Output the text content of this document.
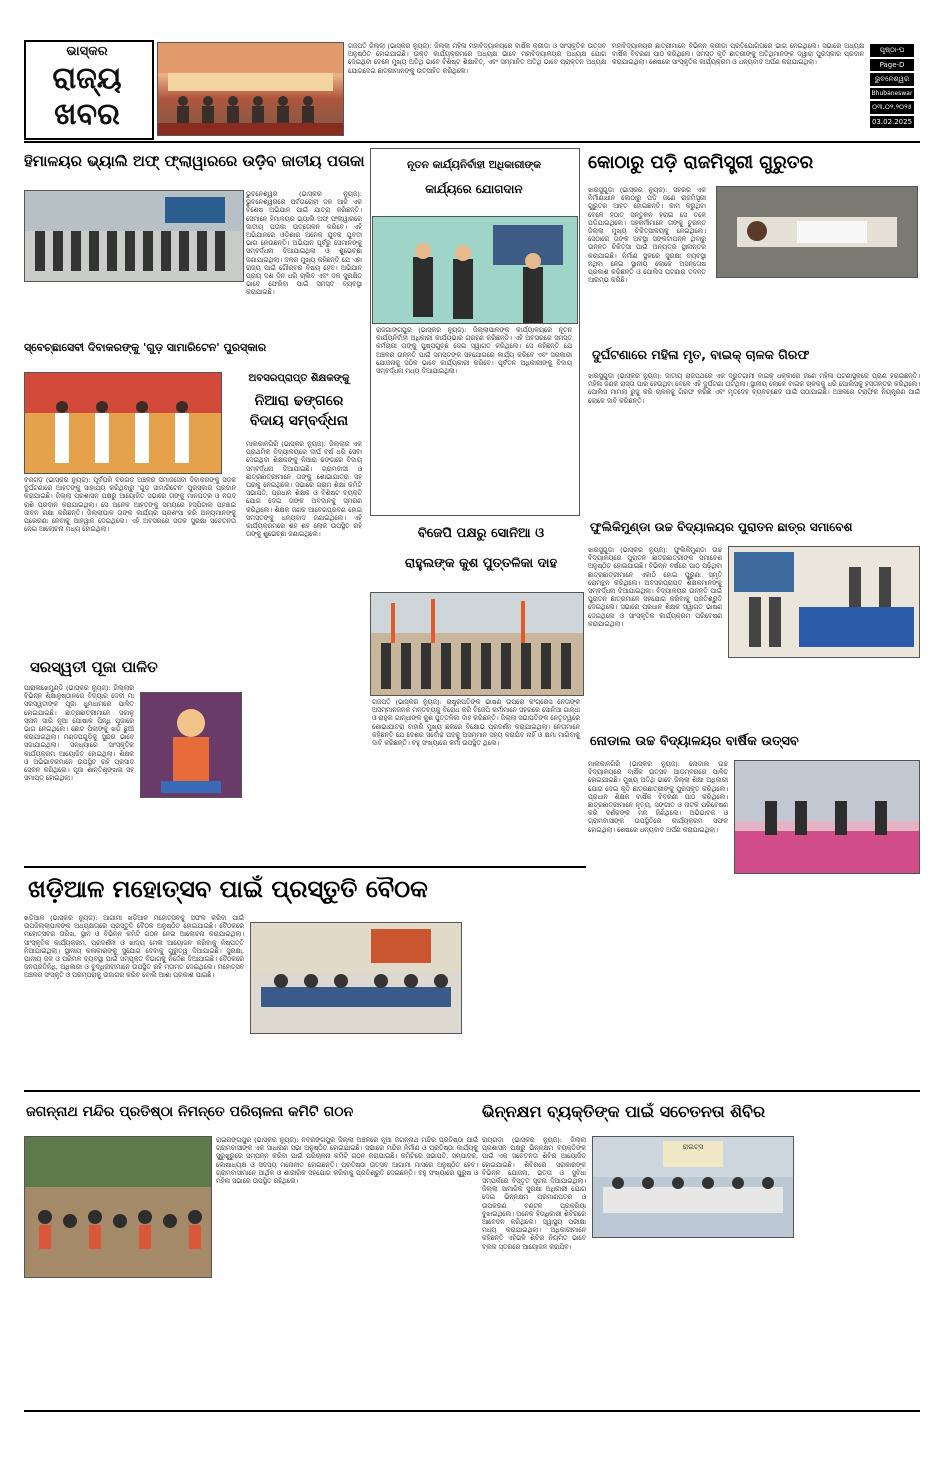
ଭାସ୍କର
ରାଜ୍ୟ
ଖବର
ଗଜପତି ଜିଲ୍ଲା (ଭାସ୍କର ନ୍ୟୁଜ): ଜିଲ୍ଲା ମହିଳା ମହାବିଦ୍ୟାଳୟରେ ବାର୍ଷିକ କ୍ରୀଡା ଓ ସାଂସ୍କୃତିକ ଉତ୍ସବ ଅନୁଷ୍ଠିତ ହୋଇଯାଇଛି। ଉକ୍ତ କାର୍ଯ୍ୟକ୍ରମରେ ଅଧ୍ୟକ୍ଷ ଭାବେ ମହାବିଦ୍ୟାଳୟର ଅଧ୍ୟକ୍ଷ ଯୋଗ ଦେଇଥିବା ବେଳେ ମୁଖ୍ୟ ଅତିଥି ଭାବେ ବିଶିଷ୍ଟ ଶିକ୍ଷାବିତ୍, ଏବଂ ସମ୍ମାନିତ ଅତିଥି ଭାବେ ପ୍ରାକ୍ତନ ଅଧ୍ୟକ୍ଷ ଯୋଗଦେଇ ଛାତ୍ରୀମାନଙ୍କୁ ଉତ୍ସାହିତ କରିଥିଲେ।
ମହାବିଦ୍ୟାଳୟର ଛାତ୍ରୀମାନେ ବିଭିନ୍ନ କ୍ରୀଡା ପ୍ରତିଯୋଗିତାରେ ଭାଗ ନେଇଥିଲେ। ସଭାରେ ଅଧ୍ୟକ୍ଷ ବାର୍ଷିକ ବିବରଣୀ ପାଠ କରିଥିଲେ। ସମସ୍ତ କୃତି ଛାତ୍ରୀଙ୍କୁ ଅତିଥିମାନଙ୍କ ଦ୍ୱାରା ପୁରସ୍କାର ପ୍ରଦାନ କରାଯାଇଥିଲା। ଶେଷରେ ସାଂସ୍କୃତିକ କାର୍ଯ୍ୟକ୍ରମ ଓ ଧନ୍ୟବାଦ ଅର୍ପଣ କରାଯାଇଥିଲା।
ପୃଷ୍ଠା-ଘ
Page-D
ଭୁବନେଶ୍ୱର
Bhubaneswar
୦୩.୦୨.୨୦୨୫
03.02.2025
ହିମାଳୟର ଭ୍ୟାଲି ଅଫ୍ ଫ୍ଲାୱାରରେ ଉଡ଼ିବ ଜାତୀୟ ପତାକା
ଭୁବନେଶ୍ୱର (ଭାସ୍କର ନ୍ୟୁଜ): ଭୁବନେଶ୍ୱରରେ ପର୍ବତାରୋହୀ ଦଳ ଆଜି ଏକ ବିଶେଷ ଅଭିଯାନ ପାଇଁ ଯାତ୍ରା କରିଛନ୍ତି। ସେମାନେ ହିମାଳୟର ଭ୍ୟାଲି ଅଫ୍ ଫ୍ଲାୱାରରେ ଜାତୀୟ ପତାକା ଉତ୍ତୋଳନ କରିବେ। ଏହି ଅଭିଯାନରେ ଓଡ଼ିଶାର ଅନେକ ଯୁବକ ଯୁବତୀ ଭାଗ ନେଉଛନ୍ତି। ଅଭିଯାନ ପୂର୍ବରୁ ସେମାନଙ୍କୁ ସମ୍ବର୍ଦ୍ଧନା ଦିଆଯାଇଥିଲା ଓ ଶୁଭେଚ୍ଛା ଜଣାଯାଇଥିଲା। ଦଳର ମୁଖ୍ୟ କହିଛନ୍ତି ଯେ ଏହା ରାଜ୍ୟ ପାଇଁ ଗୌରବର ବିଷୟ ହେବ। ଅଭିଯାନ ପ୍ରାୟ ଦଶ ଦିନ ଧରି ଚାଲିବ ଏବଂ ଦଳ ସୁରକ୍ଷିତ ଭାବେ ଫେରିବା ପାଇଁ ସମସ୍ତ ବ୍ୟବସ୍ଥା କରାଯାଇଛି।
ସ୍ବେଚ୍ଛାସେବୀ ଦିବାକରଙ୍କୁ 'ଗୁଡ଼ ସାମାରିଟେନ' ପୁରସ୍କାର
ବରଗଡ଼ (ଭାସ୍କର ନ୍ୟୁଜ): ପୂର୍ବପରି ବରଗଡ଼ ଅଞ୍ଚଳର ସମାଜସେବୀ ଦିବାକରଙ୍କୁ ସଡ଼କ ଦୁର୍ଘଟଣାରେ ଆହତଙ୍କୁ ସାହାଯ୍ୟ କରିଥିବାରୁ 'ଗୁଡ଼ ସାମାରିଟେନ' ପୁରସ୍କାର ପ୍ରଦାନ କରାଯାଇଛି। ଜିଲ୍ଲା ପ୍ରଶାସନ ପକ୍ଷରୁ ଆୟୋଜିତ ସଭାରେ ତାଙ୍କୁ ମାନପତ୍ର ଓ ନଗଦ ରାଶି ପ୍ରଦାନ କରାଯାଇଥିଲା। ସେ ଅନେକ ଆହତଙ୍କୁ ସମୟରେ ହସ୍ପିଟାଲ ପହଞ୍ଚାଇ ଜୀବନ ରକ୍ଷା କରିଛନ୍ତି। ଜିଲ୍ଲାପାଳ ତାଙ୍କ କାର୍ଯ୍ୟର ପ୍ରଶଂସା କରି ଅନ୍ୟମାନଙ୍କୁ ପ୍ରେରଣା ନେବାକୁ ଆହ୍ୱାନ ଦେଇଥିଲେ। ଏହି ଅବସରରେ ସଡ଼କ ସୁରକ୍ଷା ସଚେତନତା ନେଇ ଆଲୋଚନା ମଧ୍ୟ ହୋଇଥିଲା।
ସରସ୍ୱତୀ ପୂଜା ପାଳିତ
ପାରାଳାଖେମୁଣ୍ଡି (ଭାସ୍କର ନ୍ୟୁଜ): ଜିଲ୍ଲାର ବିଭିନ୍ନ ଶିକ୍ଷାନୁଷ୍ଠାନରେ ବିଦ୍ୟାର ଦେବୀ ମା ସରସ୍ୱତୀଙ୍କ ପୂଜା ଧୁମଧାମରେ ପାଳିତ ହୋଇଯାଇଛି। ଛାତ୍ରଛାତ୍ରୀମାନେ ସକାଳୁ ସ୍ନାନ ସାରି ନୂଆ ପୋଷାକ ପିନ୍ଧି ପୂଜାରେ ଭାଗ ନେଇଥିଲେ। ଛୋଟ ପିଲାଙ୍କୁ ଖଡ଼ି ଛୁଆଁ କରାଯାଇଥିଲା। ମଣ୍ଡପଗୁଡ଼ିକୁ ସୁନ୍ଦର ଭାବେ ସଜାଯାଇଥିଲା। ସନ୍ଧ୍ୟାରେ ସାଂସ୍କୃତିକ କାର୍ଯ୍ୟକ୍ରମ ଆୟୋଜିତ ହୋଇଥିଲା। ଶିକ୍ଷକ ଓ ଅଭିଭାବକମାନେ ଉପସ୍ଥିତ ରହି ପ୍ରସାଦ ସେବନ କରିଥିଲେ। ପୂଜା ଶାନ୍ତିଶୃଙ୍ଖଳା ସହ ସମାପ୍ତ ହୋଇଥିଲା।
ଅବସରପ୍ରାପ୍ତ ଶିକ୍ଷକଙ୍କୁ
ନିଆରା ଢଙ୍ଗରେ
ବିଦାୟ ସମ୍ବର୍ଦ୍ଧନା
ମାଲକାନଗିରି (ଭାସ୍କର ନ୍ୟୁଜ): ଜିଲ୍ଲାର ଏକ ପ୍ରାଥମିକ ବିଦ୍ୟାଳୟରେ ଦୀର୍ଘ ବର୍ଷ ଧରି ସେବା ଦେଇଥିବା ଶିକ୍ଷକଙ୍କୁ ନିଆରା ଢଙ୍ଗରେ ବିଦାୟ ସମ୍ବର୍ଦ୍ଧନା ଦିଆଯାଇଛି। ଗ୍ରାମବାସୀ ଓ ଛାତ୍ରଛାତ୍ରୀମାନେ ତାଙ୍କୁ ଶୋଭାଯାତ୍ରା ସହ ଘରକୁ ନେଇଥିଲେ। ସଭାରେ ଗ୍ରାମ ଶିକ୍ଷା କମିଟି ସଭାପତି, ପ୍ରଧାନ ଶିକ୍ଷକ ଓ ବିଶିଷ୍ଟ ବ୍ୟକ୍ତି ଯୋଗ ଦେଇ ତାଙ୍କ ଅବଦାନକୁ ସ୍ମରଣ କରିଥିଲେ। ଶିକ୍ଷକ ଜଣକ ଆବେଗପ୍ରବଣ ହୋଇ ସମସ୍ତଙ୍କୁ ଧନ୍ୟବାଦ ଜଣାଇଥିଲେ। ଏହି କାର୍ଯ୍ୟକ୍ରମରେ ଶହ ଶହ ଲୋକ ଉପସ୍ଥିତ ରହି ତାଙ୍କୁ ଶୁଭେଚ୍ଛା ଜଣାଇଥିଲେ।
ନୂତନ କାର୍ଯ୍ୟନିର୍ବାହୀ ଅଧିକାରୀଙ୍କ
କାର୍ଯ୍ୟରେ ଯୋଗଦାନ
ରାଜଗାଙ୍ଗପୁର (ଭାସ୍କର ନ୍ୟୁଜ): ଜିଲ୍ଲାପାଳଙ୍କ କାର୍ଯ୍ୟାଳୟରେ ନୂତନ କାର୍ଯ୍ୟନିର୍ବାହୀ ଅଧିକାରୀ କାର୍ଯ୍ୟଭାର ଗ୍ରହଣ କରିଛନ୍ତି। ଏହି ଅବସରରେ ସମସ୍ତ କର୍ମଚାରୀ ତାଙ୍କୁ ପୁଷ୍ପଗୁଚ୍ଛ ଦେଇ ସ୍ୱାଗତ କରିଥିଲେ। ସେ କହିଛନ୍ତି ଯେ ଅଞ୍ଚଳର ଉନ୍ନତି ପାଇଁ ସମସ୍ତଙ୍କ ସହଯୋଗରେ କାର୍ଯ୍ୟ କରିବେ ଏବଂ ସରକାରୀ ଯୋଜନାକୁ ସଠିକ ଭାବେ କାର୍ଯ୍ୟକାରୀ କରିବେ। ପୂର୍ବତନ ଅଧିକାରୀଙ୍କୁ ବିଦାୟ ସମ୍ବର୍ଦ୍ଧନା ମଧ୍ୟ ଦିଆଯାଇଥିଲା।
କୋଠାରୁ ପଡ଼ି ରାଜମିସ୍ତ୍ରୀ ଗୁରୁତର
ଝାରସୁଗୁଡ଼ା (ଭାସ୍କର ନ୍ୟୁଜ): ସହରର ଏକ ନିର୍ମାଣାଧୀନ କୋଠାରୁ ପଡ଼ି ଜଣେ ରାଜମିସ୍ତ୍ରୀ ଗୁରୁତର ଆହତ ହୋଇଛନ୍ତି। କାମ କରୁଥିବା ବେଳେ ହଠାତ୍ ସନ୍ତୁଳନ ହରାଇ ସେ ତଳେ ପଡ଼ିଯାଇଥିଲେ। ସହକର୍ମୀମାନେ ତାଙ୍କୁ ତୁରନ୍ତ ଜିଲ୍ଲା ମୁଖ୍ୟ ଚିକିତ୍ସାଳୟକୁ ନେଇଥିଲେ। ସେଠାରେ ତାଙ୍କ ଅବସ୍ଥା ସଙ୍କଟାପନ୍ନ ଥିବାରୁ ଉନ୍ନତ ଚିକିତ୍ସା ପାଇଁ ଅନ୍ୟତ୍ର ସ୍ଥାନାନ୍ତର କରାଯାଇଛି। ନିର୍ମାଣ ସ୍ଥଳରେ ସୁରକ୍ଷା ବ୍ୟବସ୍ଥା ନଥିବା ନେଇ ସ୍ଥାନୀୟ ଲୋକେ ଅସନ୍ତୋଷ ପ୍ରକାଶ କରିଛନ୍ତି ଓ ପୋଲିସ ଘଟଣାର ତଦନ୍ତ ଆରମ୍ଭ କରିଛି।
ଦୁର୍ଘଟଣାରେ ମହିଳା ମୃତ, ବାଇକ୍ ଚାଳକ ଗିରଫ
ଝାରସୁଗୁଡ଼ା (ଭାସ୍କର ନ୍ୟୁଜ): ଜାତୀୟ ରାଜପଥରେ ଏକ ଦ୍ରୁତଗାମୀ ବାଇକ୍ ଧକ୍କାରେ ଜଣେ ମହିଳା ଘଟଣାସ୍ଥଳରେ ପ୍ରାଣ ହରାଇଛନ୍ତି। ମହିଳା ଜଣକ ରାସ୍ତା ପାର ହେଉଥିବା ବେଳେ ଏହି ଦୁର୍ଘଟଣା ଘଟିଥିଲା। ସ୍ଥାନୀୟ ଲୋକେ ବାଇକ ଚାଳକକୁ ଧରି ପୋଲିସକୁ ହସ୍ତାନ୍ତର କରିଥିଲେ। ପୋଲିସ ମାମଲା ରୁଜୁ କରି ଚାଳକକୁ ଗିରଫ କରିଛି ଏବଂ ମୃତଦେହ ବ୍ୟବଚ୍ଛେଦ ପାଇଁ ପଠାଯାଇଛି। ଅଞ୍ଚଳରେ ଟ୍ରାଫିକ ନିୟନ୍ତ୍ରଣ ପାଇଁ ଲୋକେ ଦାବି କରିଛନ୍ତି।
ବିଜେପି ପକ୍ଷରୁ ସୋନିଆ ଓ
ରାହୁଲଙ୍କ କୁଶ ପୁତ୍ତଳିକା ଦାହ
ଗଜପତି (ଭାସ୍କର ନ୍ୟୁଜ): ରାଷ୍ଟ୍ରପତିଙ୍କ ଭାଷଣ ଉପରେ କଂଗ୍ରେସ ନେତାଙ୍କ ଅସମ୍ମାନଜନକ ମନ୍ତବ୍ୟକୁ ବିରୋଧ କରି ବିଜେପି କର୍ମୀମାନେ ସହରରେ ସୋନିଆ ଗାନ୍ଧୀ ଓ ରାହୁଲ ଗାନ୍ଧୀଙ୍କ କୁଶ ପୁତ୍ତଳିକା ଦାହ କରିଛନ୍ତି। ଜିଲ୍ଲା ସଭାପତିଙ୍କ ନେତୃତ୍ୱରେ ଶୋଭାଯାତ୍ରା ବାହାରି ମୁଖ୍ୟ ଛକରେ ବିକ୍ଷୋଭ ପ୍ରଦର୍ଶନ କରାଯାଇଥିଲା। ନେତାମାନେ କହିଛନ୍ତି ଯେ ଦେଶର ସର୍ବୋଚ୍ଚ ପଦକୁ ଅସମ୍ମାନ ସହ୍ୟ କରାଯିବ ନାହିଁ ଓ କ୍ଷମା ମାଗିବାକୁ ଦାବି କରିଛନ୍ତି। ବହୁ ସଂଖ୍ୟାରେ କର୍ମୀ ଉପସ୍ଥିତ ଥିଲେ।
ଫୁଲିକିମୁଣ୍ଡା ଉଚ୍ଚ ବିଦ୍ୟାଳୟର ପୁରାତନ ଛାତ୍ର ସମାବେଶ
ଝାରସୁଗୁଡ଼ା (ଭାସ୍କର ନ୍ୟୁଜ): ଫୁଲିକିମୁଣ୍ଡା ଉଚ୍ଚ ବିଦ୍ୟାଳୟରେ ପୁରାତନ ଛାତ୍ରଛାତ୍ରୀଙ୍କ ସମାବେଶ ଅନୁଷ୍ଠିତ ହୋଇଯାଇଛି। ବିଭିନ୍ନ ବର୍ଷରେ ପାଠ ପଢ଼ିଥିବା ଛାତ୍ରଛାତ୍ରୀମାନେ ଏକାଠି ହୋଇ ପୁରୁଣା ସ୍ମୃତି ରୋମନ୍ଥନ କରିଥିଲେ। ଅବସରପ୍ରାପ୍ତ ଶିକ୍ଷକମାନଙ୍କୁ ସମ୍ବର୍ଦ୍ଧନା ଦିଆଯାଇଥିଲା। ବିଦ୍ୟାଳୟର ଉନ୍ନତି ପାଇଁ ପୁରାତନ ଛାତ୍ରମାନେ ସହଯୋଗ କରିବାକୁ ପ୍ରତିଶ୍ରୁତି ଦେଇଥିଲେ। ସଭାରେ ପ୍ରଧାନ ଶିକ୍ଷକ ସ୍ୱାଗତ ଭାଷଣ ଦେଇଥିଲେ ଓ ସାଂସ୍କୃତିକ କାର୍ଯ୍ୟକ୍ରମ ପରିବେଷଣ କରାଯାଇଥିଲା।
ନୋଡାଲ ଉଚ୍ଚ ବିଦ୍ୟାଳୟର ବାର୍ଷିକ ଉତ୍ସବ
ମାଲକାନଗିରି (ଭାସ୍କର ନ୍ୟୁଜ): ନୋଡାଲ ଉଚ୍ଚ ବିଦ୍ୟାଳୟରେ ବାର୍ଷିକ ଉତ୍ସବ ଆଡ଼ମ୍ବରରେ ପାଳିତ ହୋଇଯାଇଛି। ମୁଖ୍ୟ ଅତିଥି ଭାବେ ଜିଲ୍ଲା ଶିକ୍ଷା ଅଧିକାରୀ ଯୋଗ ଦେଇ କୃତି ଛାତ୍ରଛାତ୍ରୀଙ୍କୁ ପୁରସ୍କୃତ କରିଥିଲେ। ପ୍ରଧାନ ଶିକ୍ଷକ ବାର୍ଷିକ ବିବରଣୀ ପାଠ କରିଥିଲେ। ଛାତ୍ରଛାତ୍ରୀମାନେ ନୃତ୍ୟ, ସଙ୍ଗୀତ ଓ ନାଟକ ପରିବେଷଣ କରି ଦର୍ଶକଙ୍କ ମନ ଜିଣିଥିଲେ। ଅଭିଭାବକ ଓ ଗ୍ରାମବାସୀଙ୍କ ଉପସ୍ଥିତିରେ କାର୍ଯ୍ୟକ୍ରମ ସଫଳ ହୋଇଥିଲା। ଶେଷରେ ଧନ୍ୟବାଦ ଅର୍ପଣ କରାଯାଇଥିଲା।
ଖଡ଼ିଆଳ ମହୋତ୍ସବ ପାଇଁ ପ୍ରସ୍ତୁତି ବୈଠକ
ଖଡ଼ିଆଳ (ଭାସ୍କର ନ୍ୟୁଜ): ଆଗାମୀ ଖଡ଼ିଆଳ ମହୋତ୍ସବକୁ ସଫଳ କରିବା ପାଇଁ ଉପଜିଲ୍ଲାପାଳଙ୍କ ଅଧ୍ୟକ୍ଷତାରେ ପ୍ରସ୍ତୁତି ବୈଠକ ଅନୁଷ୍ଠିତ ହୋଇଯାଇଛି। ବୈଠକରେ ମହୋତ୍ସବର ତାରିଖ, ସ୍ଥାନ ଓ ବିଭିନ୍ନ କମିଟି ଗଠନ ନେଇ ଆଲୋଚନା କରାଯାଇଥିଲା। ସାଂସ୍କୃତିକ କାର୍ଯ୍ୟକ୍ରମ, ପ୍ରଦର୍ଶନୀ ଓ ଖାଦ୍ୟ ମେଳା ଆୟୋଜନ କରିବାକୁ ନିଷ୍ପତ୍ତି ନିଆଯାଇଥିଲା। ସ୍ଥାନୀୟ କଳାକାରଙ୍କୁ ସୁଯୋଗ ଦେବାକୁ ଗୁରୁତ୍ୱ ଦିଆଯାଇଛି। ସୁରକ୍ଷା, ପାନୀୟ ଜଳ ଓ ପରିମଳ ବ୍ୟବସ୍ଥା ପାଇଁ ସମ୍ପୃକ୍ତ ବିଭାଗକୁ ନିର୍ଦ୍ଦେଶ ଦିଆଯାଇଛି। ବୈଠକରେ ଜନପ୍ରତିନିଧି, ଅଧିକାରୀ ଓ ବୁଦ୍ଧିଜୀବୀମାନେ ଉପସ୍ଥିତ ରହି ମତାମତ ଦେଇଥିଲେ। ମହୋତ୍ସବ ଅଞ୍ଚଳର ସଂସ୍କୃତି ଓ ପରମ୍ପରାକୁ ଉଜାଗର କରିବ ବୋଲି ଆଶା ପ୍ରକାଶ ପାଇଛି।
ଜଗନ୍ନାଥ ମନ୍ଦିର ପ୍ରତିଷ୍ଠା ନିମନ୍ତେ ପରିଚାଳନା କମିଟି ଗଠନ
ରାଇରଙ୍ଗପୁର (ଭାସ୍କର ନ୍ୟୁଜ): ନବରଙ୍ଗପୁର ଜିଲ୍ଲା ଅଞ୍ଚଳରେ ନୂଆ ଜଗନ୍ନାଥ ମନ୍ଦିର ପ୍ରତିଷ୍ଠା ପାଇଁ ଗ୍ରାମବାସୀଙ୍କ ଏକ ସାଧାରଣ ସଭା ଅନୁଷ୍ଠିତ ହୋଇଯାଇଛି। ସଭାରେ ମନ୍ଦିର ନିର୍ମାଣ ଓ ପ୍ରତିଷ୍ଠା କାର୍ଯ୍ୟକୁ ସୁରୁଖୁରୁରେ ସମ୍ପନ୍ନ କରିବା ପାଇଁ ପରିଚାଳନା କମିଟି ଗଠନ କରାଯାଇଛି। କମିଟିରେ ସଭାପତି, ସମ୍ପାଦକ, କୋଷାଧ୍ୟକ୍ଷ ଓ ସଦସ୍ୟ ମନୋନୀତ ହୋଇଛନ୍ତି। ପ୍ରତିଷ୍ଠା ଉତ୍ସବ ଆଗାମୀ ମାସରେ ଅନୁଷ୍ଠିତ ହେବ। ଗ୍ରାମବାସୀମାନେ ଆର୍ଥିକ ଓ ଶାରୀରିକ ସହଯୋଗ କରିବାକୁ ପ୍ରତିଶ୍ରୁତି ଦେଇଛନ୍ତି। ବହୁ ସଂଖ୍ୟାରେ ପୁରୁଷ ଓ ମହିଳା ସଭାରେ ଉପସ୍ଥିତ ରହିଥିଲେ।
ଭିନ୍ନକ୍ଷମ ବ୍ୟକ୍ତିଙ୍କ ପାଇଁ ସଚେତନତା ଶିବିର
ରାୟଗଡ଼ା (ଭାସ୍କର ନ୍ୟୁଜ): ଜିଲ୍ଲା ପ୍ରଶାସନ ପକ୍ଷରୁ ଭିନ୍ନକ୍ଷମ ବ୍ୟକ୍ତିଙ୍କ ପାଇଁ ଏକ ସଚେତନତା ଶିବିର ଆୟୋଜିତ ହୋଇଯାଇଛି। ଶିବିରରେ ସରକାରଙ୍କ ବିଭିନ୍ନ ଯୋଜନା, ଭତ୍ତା ଓ ସୁବିଧା ସମ୍ପର୍କରେ ବିସ୍ତୃତ ସୂଚନା ଦିଆଯାଇଥିଲା। ଜିଲ୍ଲା ସାମାଜିକ ସୁରକ୍ଷା ଅଧିକାରୀ ଯୋଗ ଦେଇ ଭିନ୍ନକ୍ଷମ ପ୍ରମାଣପତ୍ର ଓ ଉପକରଣ ବଣ୍ଟନ ପ୍ରକ୍ରିୟା ବୁଝାଇଥିଲେ। ଅନେକ ହିତାଧିକାରୀ ଶିବିରରେ ଆବେଦନ କରିଥିଲେ। ସ୍ୱାସ୍ଥ୍ୟ ପରୀକ୍ଷା ମଧ୍ୟ କରାଯାଇଥିଲା। ଅଧିକାରୀମାନେ କହିଛନ୍ତି ଏହିଭଳି ଶିବିର ନିୟମିତ ଭାବେ ବ୍ଲକ ସ୍ତରରେ ଆୟୋଜନ କରାଯିବ।
ରାଇଟ୍ସ
